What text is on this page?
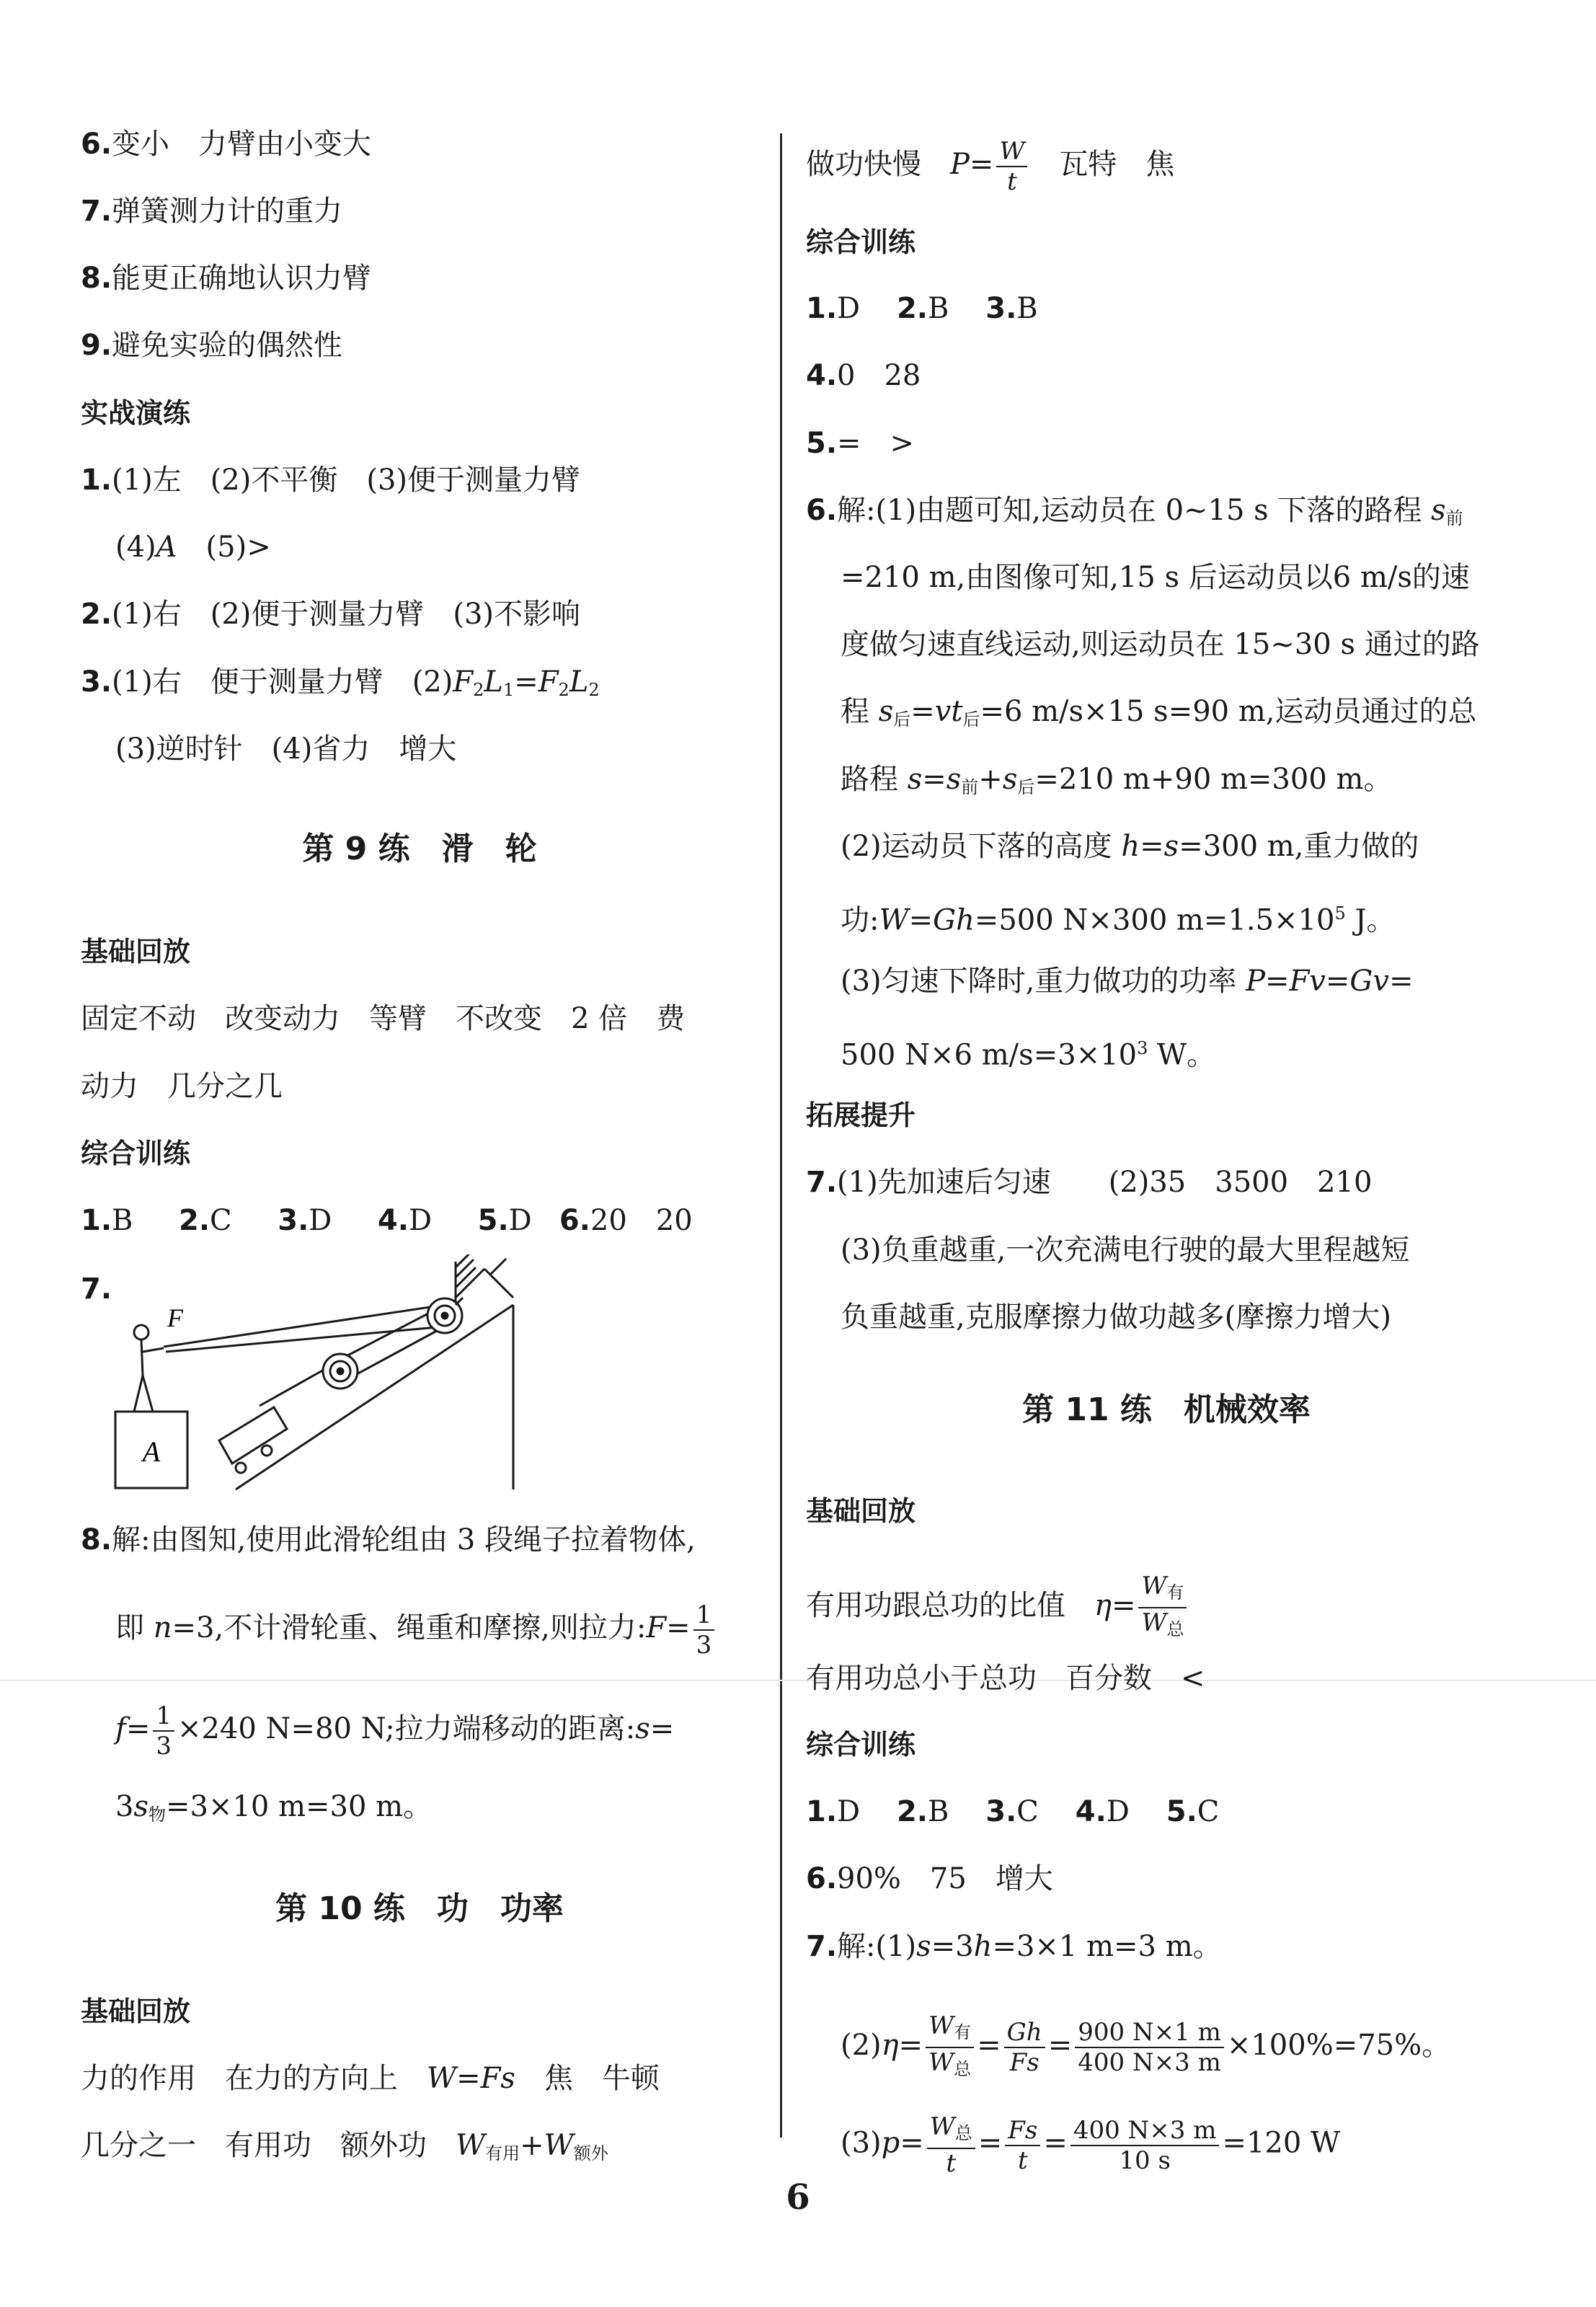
6.变小　力臂由小变大
7.弹簧测力计的重力
8.能更正确地认识力臂
9.避免实验的偶然性
实战演练
1.(1)左　(2)不平衡　(3)便于测量力臂
(4)A　(5)>
2.(1)右　(2)便于测量力臂　(3)不影响
3.(1)右　便于测量力臂　$(2)F_2L_1=F_2L_2$
(3)逆时针　(4)省力　增大
第 9 练　滑　轮
基础回放
固定不动　改变动力　等臂　不改变　2 倍　费
动力　几分之几
综合训练
1.B 2.C 3.D 4.D 5.D 6.20　20
7.
8.解:由图知,使用此滑轮组由 3 段绳子拉着物体,
即 n=3,不计滑轮重、绳重和摩擦,则拉力:F= $\frac{1}{3}$
$f= \frac{1}{3} \times 240$ N=80 N;拉力端移动的距离:s=
$3s_物=3\times 10$ m=30 m。
第 10 练　功　功率
基础回放
力的作用　在力的方向上　W=Fs　焦　牛顿
几分之一　有用功　额外功　$W_{有用}+W_{额外}$
A
F
做功快慢　$P= \frac{W}{t}$ 　瓦特　焦
综合训练
1.D 2.B 3.B
4.0　28
5.=　>
6.解:(1)由题可知,运动员在 0~15 s 下落的路程 $s_前$
=210 m,由图像可知,15 s 后运动员以6 m/s的速
度做匀速直线运动,则运动员在 15~30 s 通过的路
程 $s_后=vt_后=6$ m/s×15 s=90 m,运动员通过的总
路程 $s=s_前+s_后=210$ m+90 m=300 m。
(2)运动员下落的高度 h=s=300 m,重力做的
功:W=Gh=500 N×300 $m=1.5\times 10^5$ J。
(3)匀速下降时,重力做功的功率 P=Fv=Gv=
500 N×6 $m/s=3\times 10^3$ W。
拓展提升
7.(1)先加速后匀速　　(2)35　3500　210
(3)负重越重,一次充满电行驶的最大里程越短
负重越重,克服摩擦力做功越多(摩擦力增大)
第 11 练　机械效率
基础回放
有用功跟总功的比值　$\eta= \frac{W_有}{W_总}$
有用功总小于总功　百分数　<
综合训练
1.D 2.B 3.C 4.D 5.C
6.90%　75　增大
7.解:(1)s=3h=3×1 m=3 m。
$(2)\eta= \frac{W_有}{W_总} = \frac{Gh}{Fs} = \frac{900 N\times 1 m}{400 N\times 3 m} \times 100\%=75\%$。
$(3)p= \frac{W_总}{t} = \frac{Fs}{t} = \frac{400 N\times 3 m}{10 s} =120$ W
6
